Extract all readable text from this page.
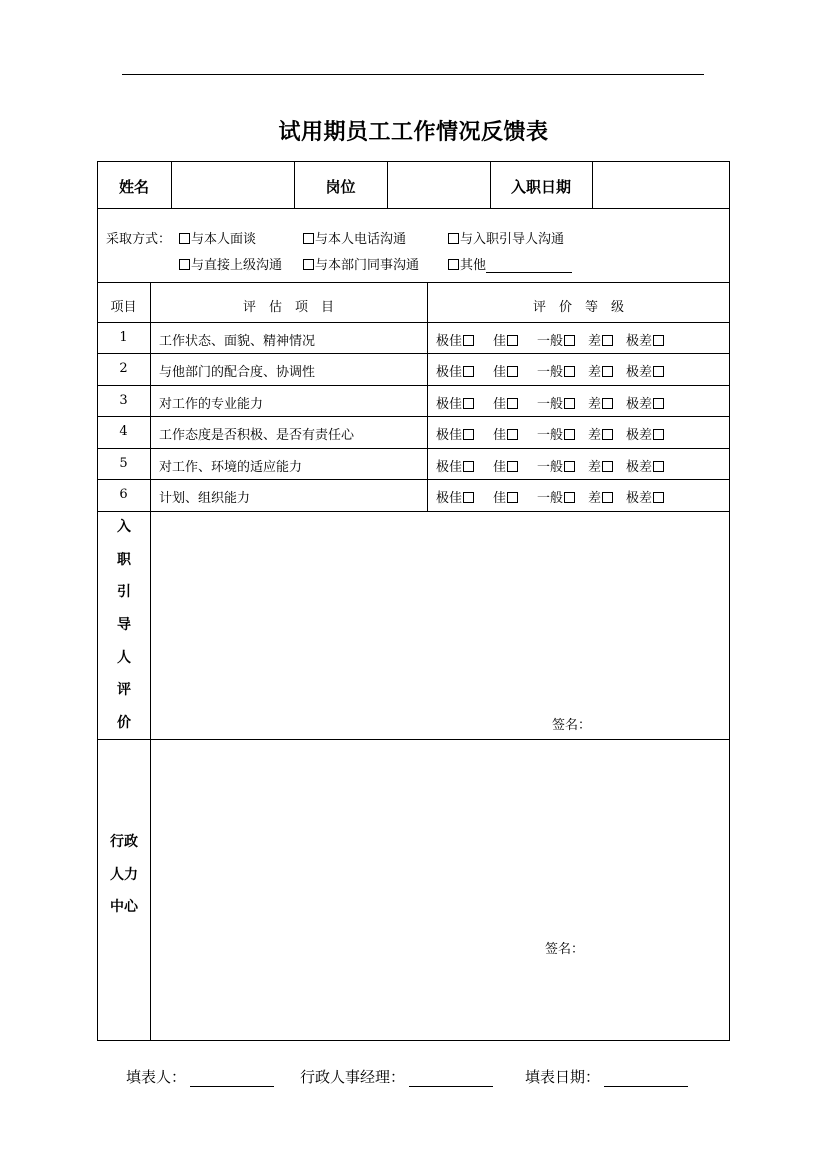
试用期员工工作情况反馈表
姓名	岗位	入职日期
采取方式：	与本人面谈	与本人电话沟通	与入职引导人沟通
与直接上级沟通	与本部门同事沟通	其他
项目	评　估　项　目	评　价　等　级
1	工作状态、面貌、精神情况	极佳	佳	一般	差	极差
2	与他部门的配合度、协调性	极佳	佳	一般	差	极差
3	对工作的专业能力	极佳	佳	一般	差	极差
4	工作态度是否积极、是否有责任心	极佳	佳	一般	差	极差
5	对工作、环境的适应能力	极佳	佳	一般	差	极差
6	计划、组织能力	极佳	佳	一般	差	极差
入
职
引
导
人
评
价	签名：
行政
人力
中心
签名：
填表人：	行政人事经理：	填表日期：
